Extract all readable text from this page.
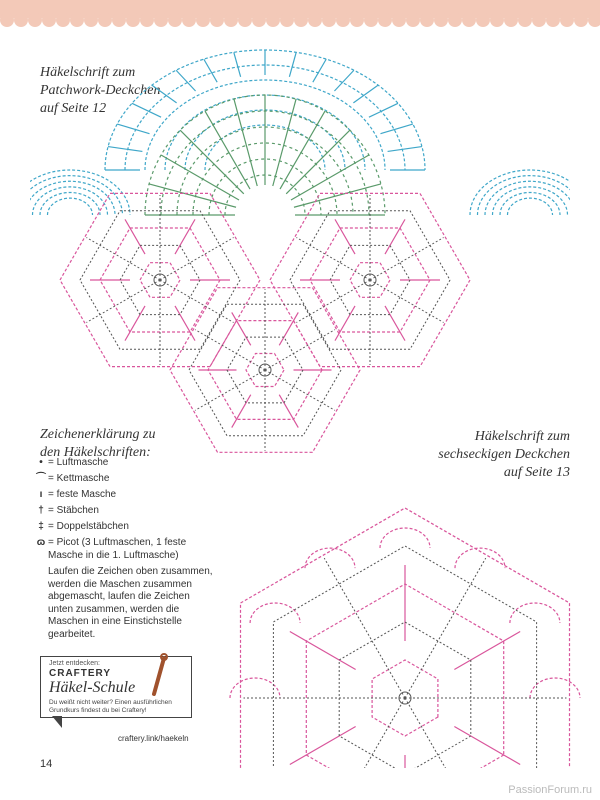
Häkelschrift zum
Patchwork-Deckchen
auf Seite 12
Zeichenerklärung zu
den Häkelschriften:
• = Luftmasche
⌒ = Kettmasche
ı = feste Masche
† = Stäbchen
‡ = Doppelstäbchen
ɷ = Picot (3 Luftmaschen, 1 feste Masche in die 1. Luftmasche)
Laufen die Zeichen oben zusammen, werden die Maschen zusammen abgemascht, laufen die Zeichen unten zusammen, werden die Maschen in eine Einstichstelle gearbeitet.
Häkelschrift zum
sechseckigen Deckchen
auf Seite 13
Jetzt entdecken:
CRAFTERY
Häkel-Schule
Du weißt nicht weiter? Einen ausführlichen Grundkurs findest du bei Craftery!
craftery.link/haekeln
14
PassionForum.ru
